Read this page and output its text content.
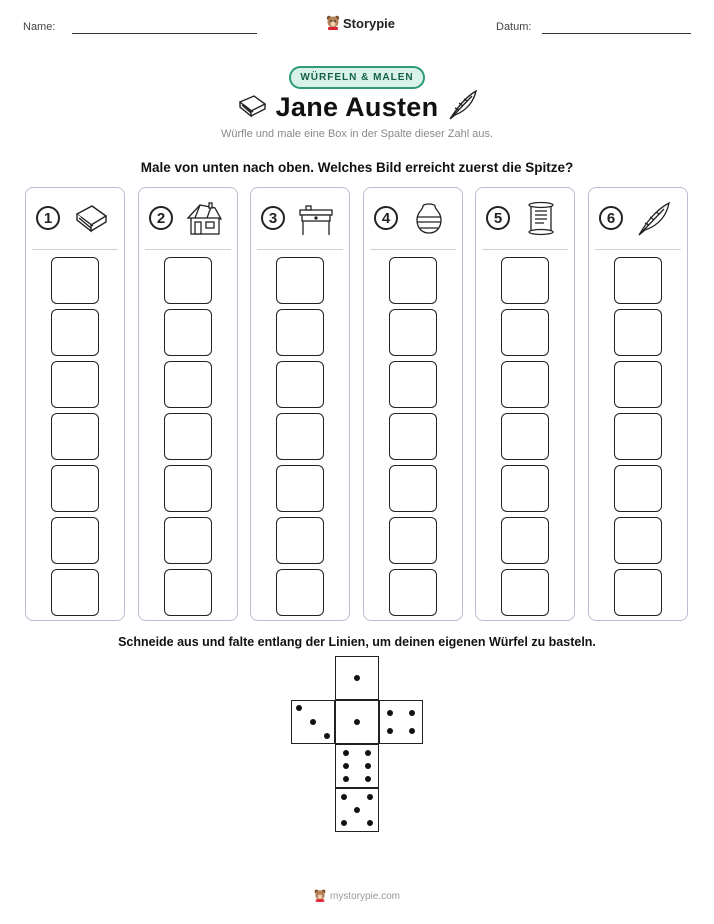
Name:	Storypie	Datum:
WÜRFELN & MALEN
Jane Austen
Würfle und male eine Box in der Spalte dieser Zahl aus.
Male von unten nach oben. Welches Bild erreicht zuerst die Spitze?
1	2	3	4	5	6
Schneide aus und falte entlang der Linien, um deinen eigenen Würfel zu basteln.
mystorypie.com
